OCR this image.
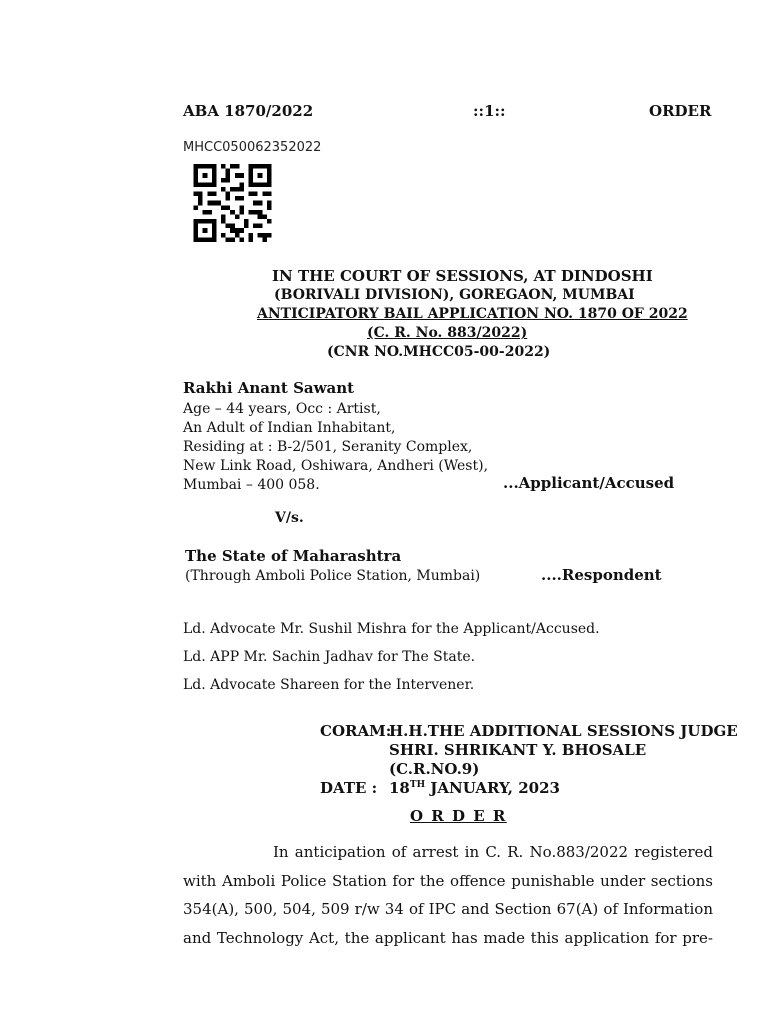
ABA 1870/2022	::1::	ORDER
MHCC050062352022
IN THE COURT OF SESSIONS, AT DINDOSHI
(BORIVALI DIVISION), GOREGAON, MUMBAI
ANTICIPATORY BAIL APPLICATION NO. 1870 OF 2022
(C. R. No. 883/2022)
(CNR NO.MHCC05-00-2022)
Rakhi Anant Sawant
Age – 44 years, Occ : Artist,
An Adult of Indian Inhabitant,
Residing at : B-2/501, Seranity Complex,
New Link Road, Oshiwara, Andheri (West),
Mumbai – 400 058.	...Applicant/Accused
V/s.
The State of Maharashtra
(Through Amboli Police Station, Mumbai)	....Respondent
Ld. Advocate Mr. Sushil Mishra for the Applicant/Accused.
Ld. APP Mr. Sachin Jadhav for The State.
Ld. Advocate Shareen for the Intervener.
CORAM:
H.H.THE ADDITIONAL SESSIONS JUDGE
SHRI. SHRIKANT Y. BHOSALE
(C.R.NO.9)
DATE : 18TH JANUARY, 2023
O R D E R
In anticipation of arrest in C. R. No.883/2022 registered with Amboli Police Station for the offence punishable under sections 354(A), 500, 504, 509 r/w 34 of IPC and Section 67(A) of Information and Technology Act, the applicant has made this application for pre-
